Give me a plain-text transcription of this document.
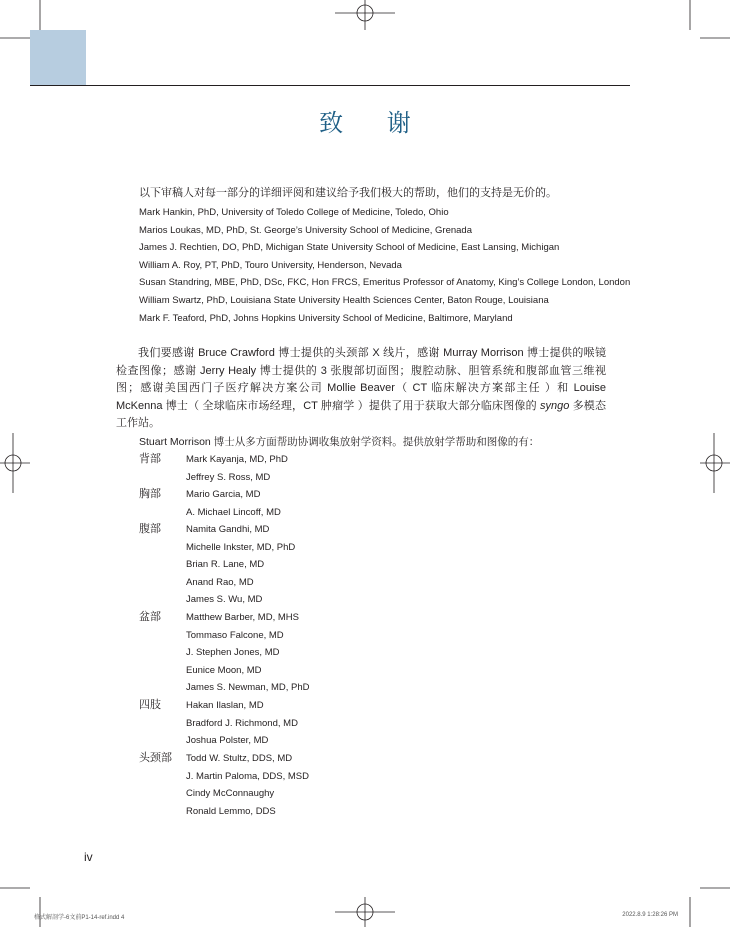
致 谢
以下审稿人对每一部分的详细评阅和建议给予我们极大的帮助，他们的支持是无价的。
Mark Hankin, PhD, University of Toledo College of Medicine, Toledo, Ohio
Marios Loukas, MD, PhD, St. George’s University School of Medicine, Grenada
James J. Rechtien, DO, PhD, Michigan State University School of Medicine, East Lansing, Michigan
William A. Roy, PT, PhD, Touro University, Henderson, Nevada
Susan Standring, MBE, PhD, DSc, FKC, Hon FRCS, Emeritus Professor of Anatomy, King’s College London, London
William Swartz, PhD, Louisiana State University Health Sciences Center, Baton Rouge, Louisiana
Mark F. Teaford, PhD, Johns Hopkins University School of Medicine, Baltimore, Maryland

我们要感谢 Bruce Crawford 博士提供的头颈部 X 线片，感谢 Murray Morrison 博士提供的喉镜检查图像；感谢 Jerry Healy 博士提供的 3 张腹部切面图；腹腔动脉、胆管系统和腹部血管三维视图；感谢美国西门子医疗解决方案公司 Mollie Beaver（ CT 临床解决方案部主任 ）和 Louise McKenna 博士（ 全球临床市场经理，CT 肿瘤学 ）提供了用于获取大部分临床图像的 syngo 多模态工作站。

Stuart Morrison 博士从多方面帮助协调收集放射学资料。提供放射学帮助和图像的有：
背部	Mark Kayanja, MD, PhD
Jeffrey S. Ross, MD
胸部	Mario Garcia, MD
A. Michael Lincoff, MD
腹部	Namita Gandhi, MD
Michelle Inkster, MD, PhD
Brian R. Lane, MD
Anand Rao, MD
James S. Wu, MD
盆部	Matthew Barber, MD, MHS
Tommaso Falcone, MD
J. Stephen Jones, MD
Eunice Moon, MD
James S. Newman, MD, PhD
四肢	Hakan Ilaslan, MD
Bradford J. Richmond, MD
Joshua Polster, MD
头颈部	Todd W. Stultz, DDS, MD
J. Martin Paloma, DDS, MSD
Cindy McConnaughy
Ronald Lemmo, DDS
iv
格式解剖学-6文前P1-14-ref.indd 4	2022.8.9 1:28:26 PM
